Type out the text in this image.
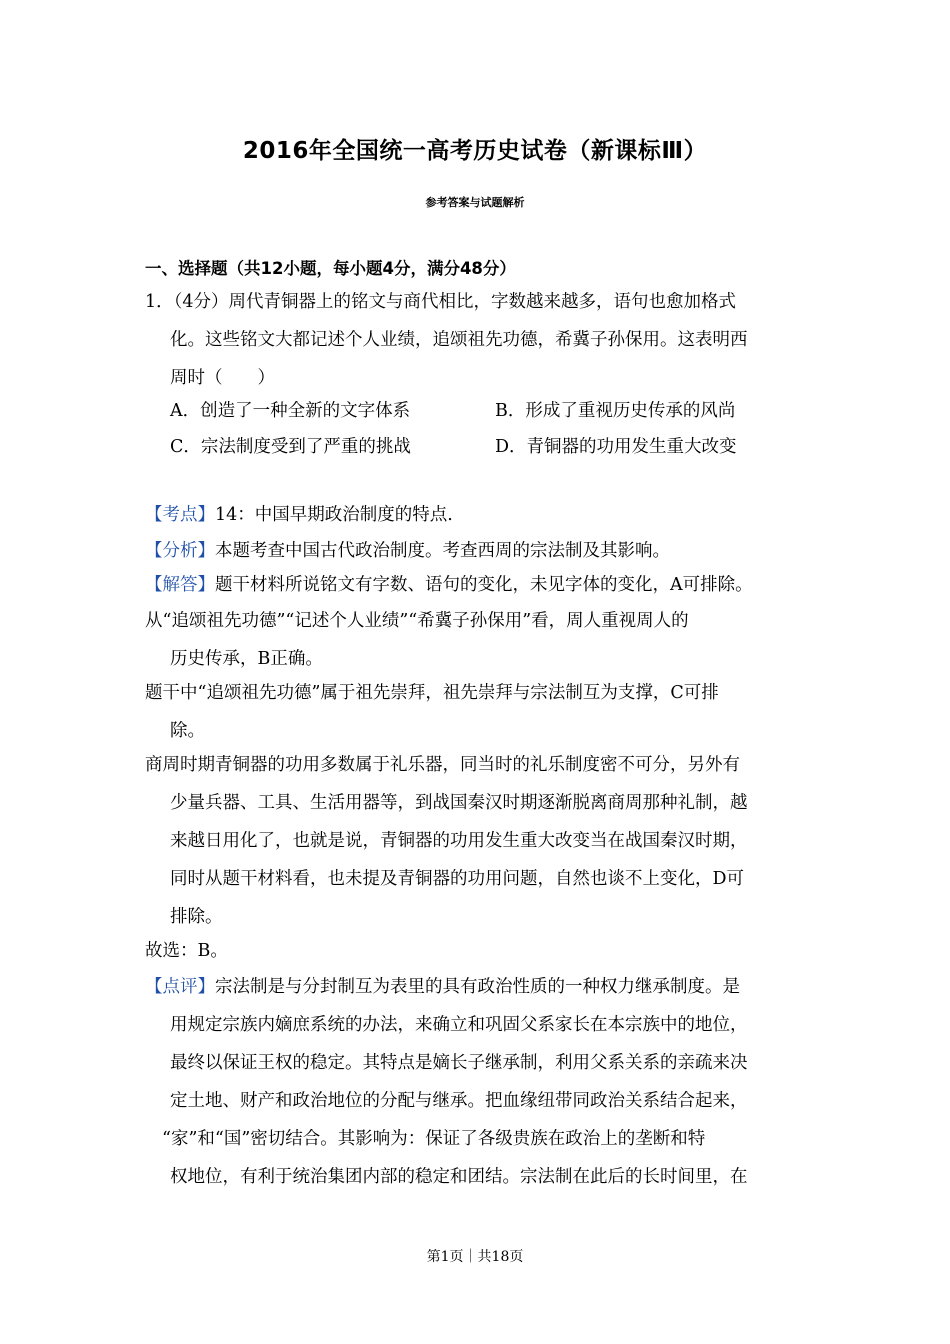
2016年全国统一高考历史试卷（新课标Ⅲ）
参考答案与试题解析
一、选择题（共12小题，每小题4分，满分48分）
1．（4分）周代青铜器上的铭文与商代相比，字数越来越多，语句也愈加格式
化。这些铭文大都记述个人业绩，追颂祖先功德，希冀子孙保用。这表明西
周时（　　）
A．创造了一种全新的文字体系	B．形成了重视历史传承的风尚
C．宗法制度受到了严重的挑战	D．青铜器的功用发生重大改变
【考点】14：中国早期政治制度的特点.
【分析】本题考查中国古代政治制度。考查西周的宗法制及其影响。
【解答】题干材料所说铭文有字数、语句的变化，未见字体的变化，A可排除。
从“追颂祖先功德”“记述个人业绩”“希冀子孙保用”看，周人重视周人的
历史传承，B正确。
题干中“追颂祖先功德”属于祖先崇拜，祖先崇拜与宗法制互为支撑，C可排
除。
商周时期青铜器的功用多数属于礼乐器，同当时的礼乐制度密不可分，另外有
少量兵器、工具、生活用器等，到战国秦汉时期逐渐脱离商周那种礼制，越
来越日用化了，也就是说，青铜器的功用发生重大改变当在战国秦汉时期，
同时从题干材料看，也未提及青铜器的功用问题，自然也谈不上变化，D可
排除。
故选：B。
【点评】宗法制是与分封制互为表里的具有政治性质的一种权力继承制度。是
用规定宗族内嫡庶系统的办法，来确立和巩固父系家长在本宗族中的地位，
最终以保证王权的稳定。其特点是嫡长子继承制，利用父系关系的亲疏来决
定土地、财产和政治地位的分配与继承。把血缘纽带同政治关系结合起来，
“家”和“国”密切结合。其影响为：保证了各级贵族在政治上的垄断和特
权地位，有利于统治集团内部的稳定和团结。宗法制在此后的长时间里，在
第1页｜共18页
